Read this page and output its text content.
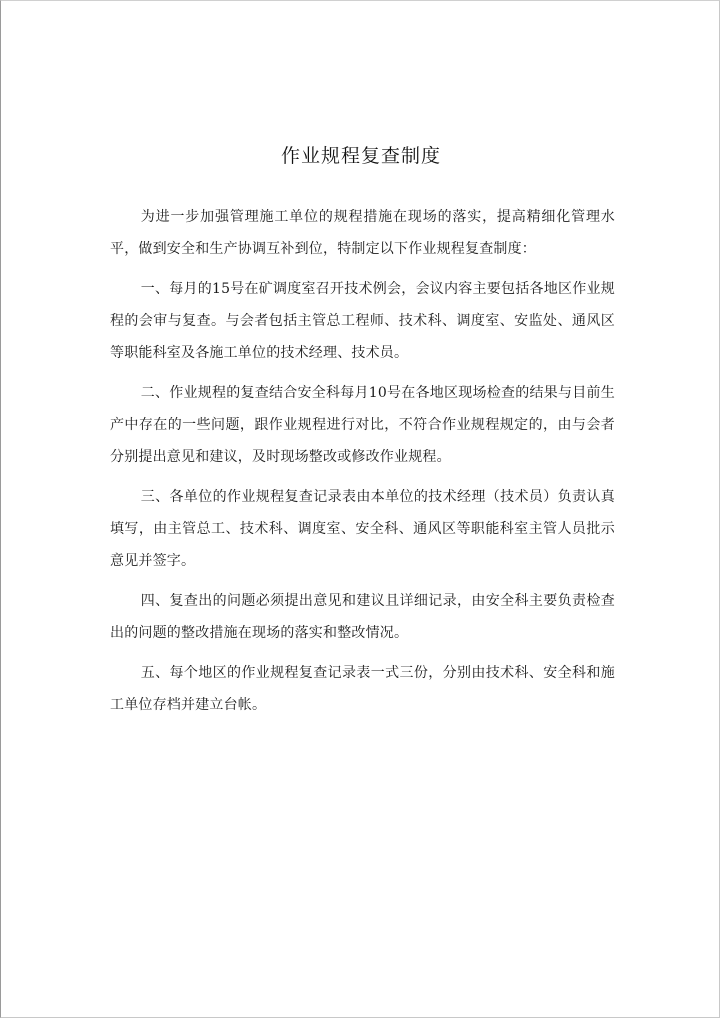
作业规程复查制度

为进一步加强管理施工单位的规程措施在现场的落实，提高精细化管理水平，做到安全和生产协调互补到位，特制定以下作业规程复查制度：

一、每月的15号在矿调度室召开技术例会，会议内容主要包括各地区作业规程的会审与复查。与会者包括主管总工程师、技术科、调度室、安监处、通风区等职能科室及各施工单位的技术经理、技术员。

二、作业规程的复查结合安全科每月10号在各地区现场检查的结果与目前生产中存在的一些问题，跟作业规程进行对比，不符合作业规程规定的，由与会者分别提出意见和建议，及时现场整改或修改作业规程。

三、各单位的作业规程复查记录表由本单位的技术经理（技术员）负责认真填写，由主管总工、技术科、调度室、安全科、通风区等职能科室主管人员批示意见并签字。

四、复查出的问题必须提出意见和建议且详细记录，由安全科主要负责检查出的问题的整改措施在现场的落实和整改情况。

五、每个地区的作业规程复查记录表一式三份，分别由技术科、安全科和施工单位存档并建立台帐。
